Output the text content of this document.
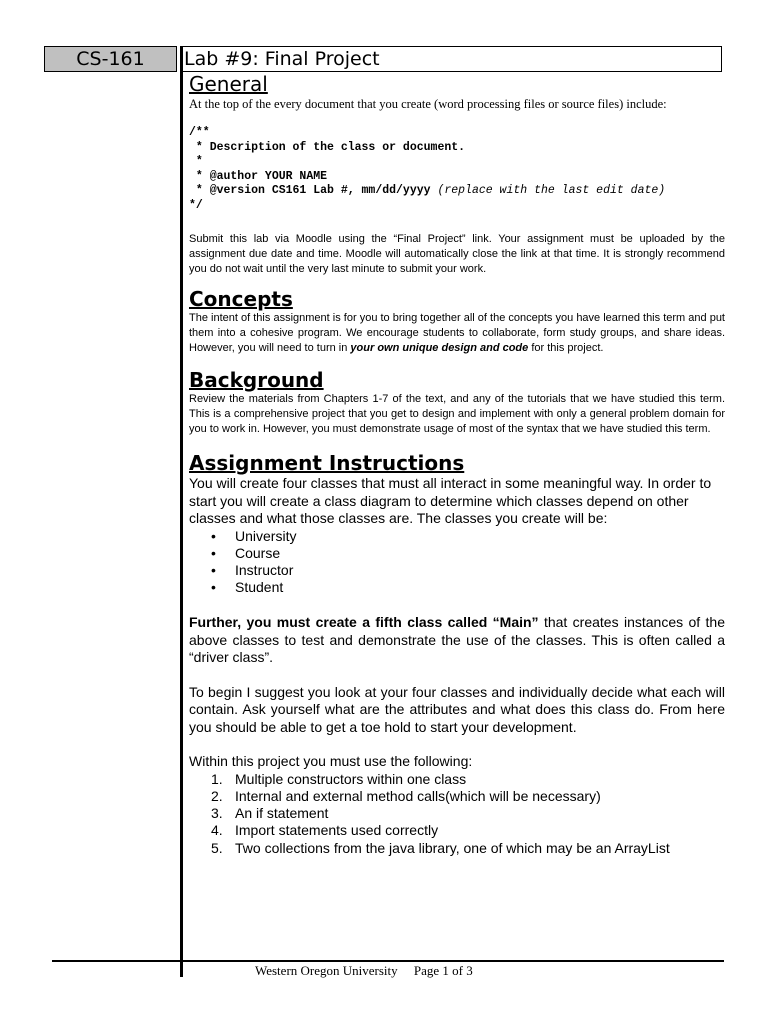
CS-161	Lab #9: Final Project
General

At the top of the every document that you create (word processing files or source files) include:

/**
* Description of the class or document.
*
* @author YOUR NAME
* @version CS161 Lab #, mm/dd/yyyy (replace with the last edit date)
*/

Submit this lab via Moodle using the “Final Project” link. Your assignment must be uploaded by the assignment due date and time. Moodle will automatically close the link at that time. It is strongly recommend you do not wait until the very last minute to submit your work.

Concepts

The intent of this assignment is for you to bring together all of the concepts you have learned this term and put them into a cohesive program. We encourage students to collaborate, form study groups, and share ideas. However, you will need to turn in your own unique design and code for this project.

Background

Review the materials from Chapters 1-7 of the text, and any of the tutorials that we have studied this term. This is a comprehensive project that you get to design and implement with only a general problem domain for you to work in. However, you must demonstrate usage of most of the syntax that we have studied this term.

Assignment Instructions

You will create four classes that must all interact in some meaningful way. In order to start you will create a class diagram to determine which classes depend on other classes and what those classes are. The classes you create will be:

• University
• Course
• Instructor
• Student

Further, you must create a fifth class called “Main” that creates instances of the above classes to test and demonstrate the use of the classes. This is often called a “driver class”.

To begin I suggest you look at your four classes and individually decide what each will contain. Ask yourself what are the attributes and what does this class do. From here you should be able to get a toe hold to start your development.

Within this project you must use the following:

1. Multiple constructors within one class
2. Internal and external method calls(which will be necessary)
3. An if statement
4. Import statements used correctly
5. Two collections from the java library, one of which may be an ArrayList
Western Oregon University Page 1 of 3
